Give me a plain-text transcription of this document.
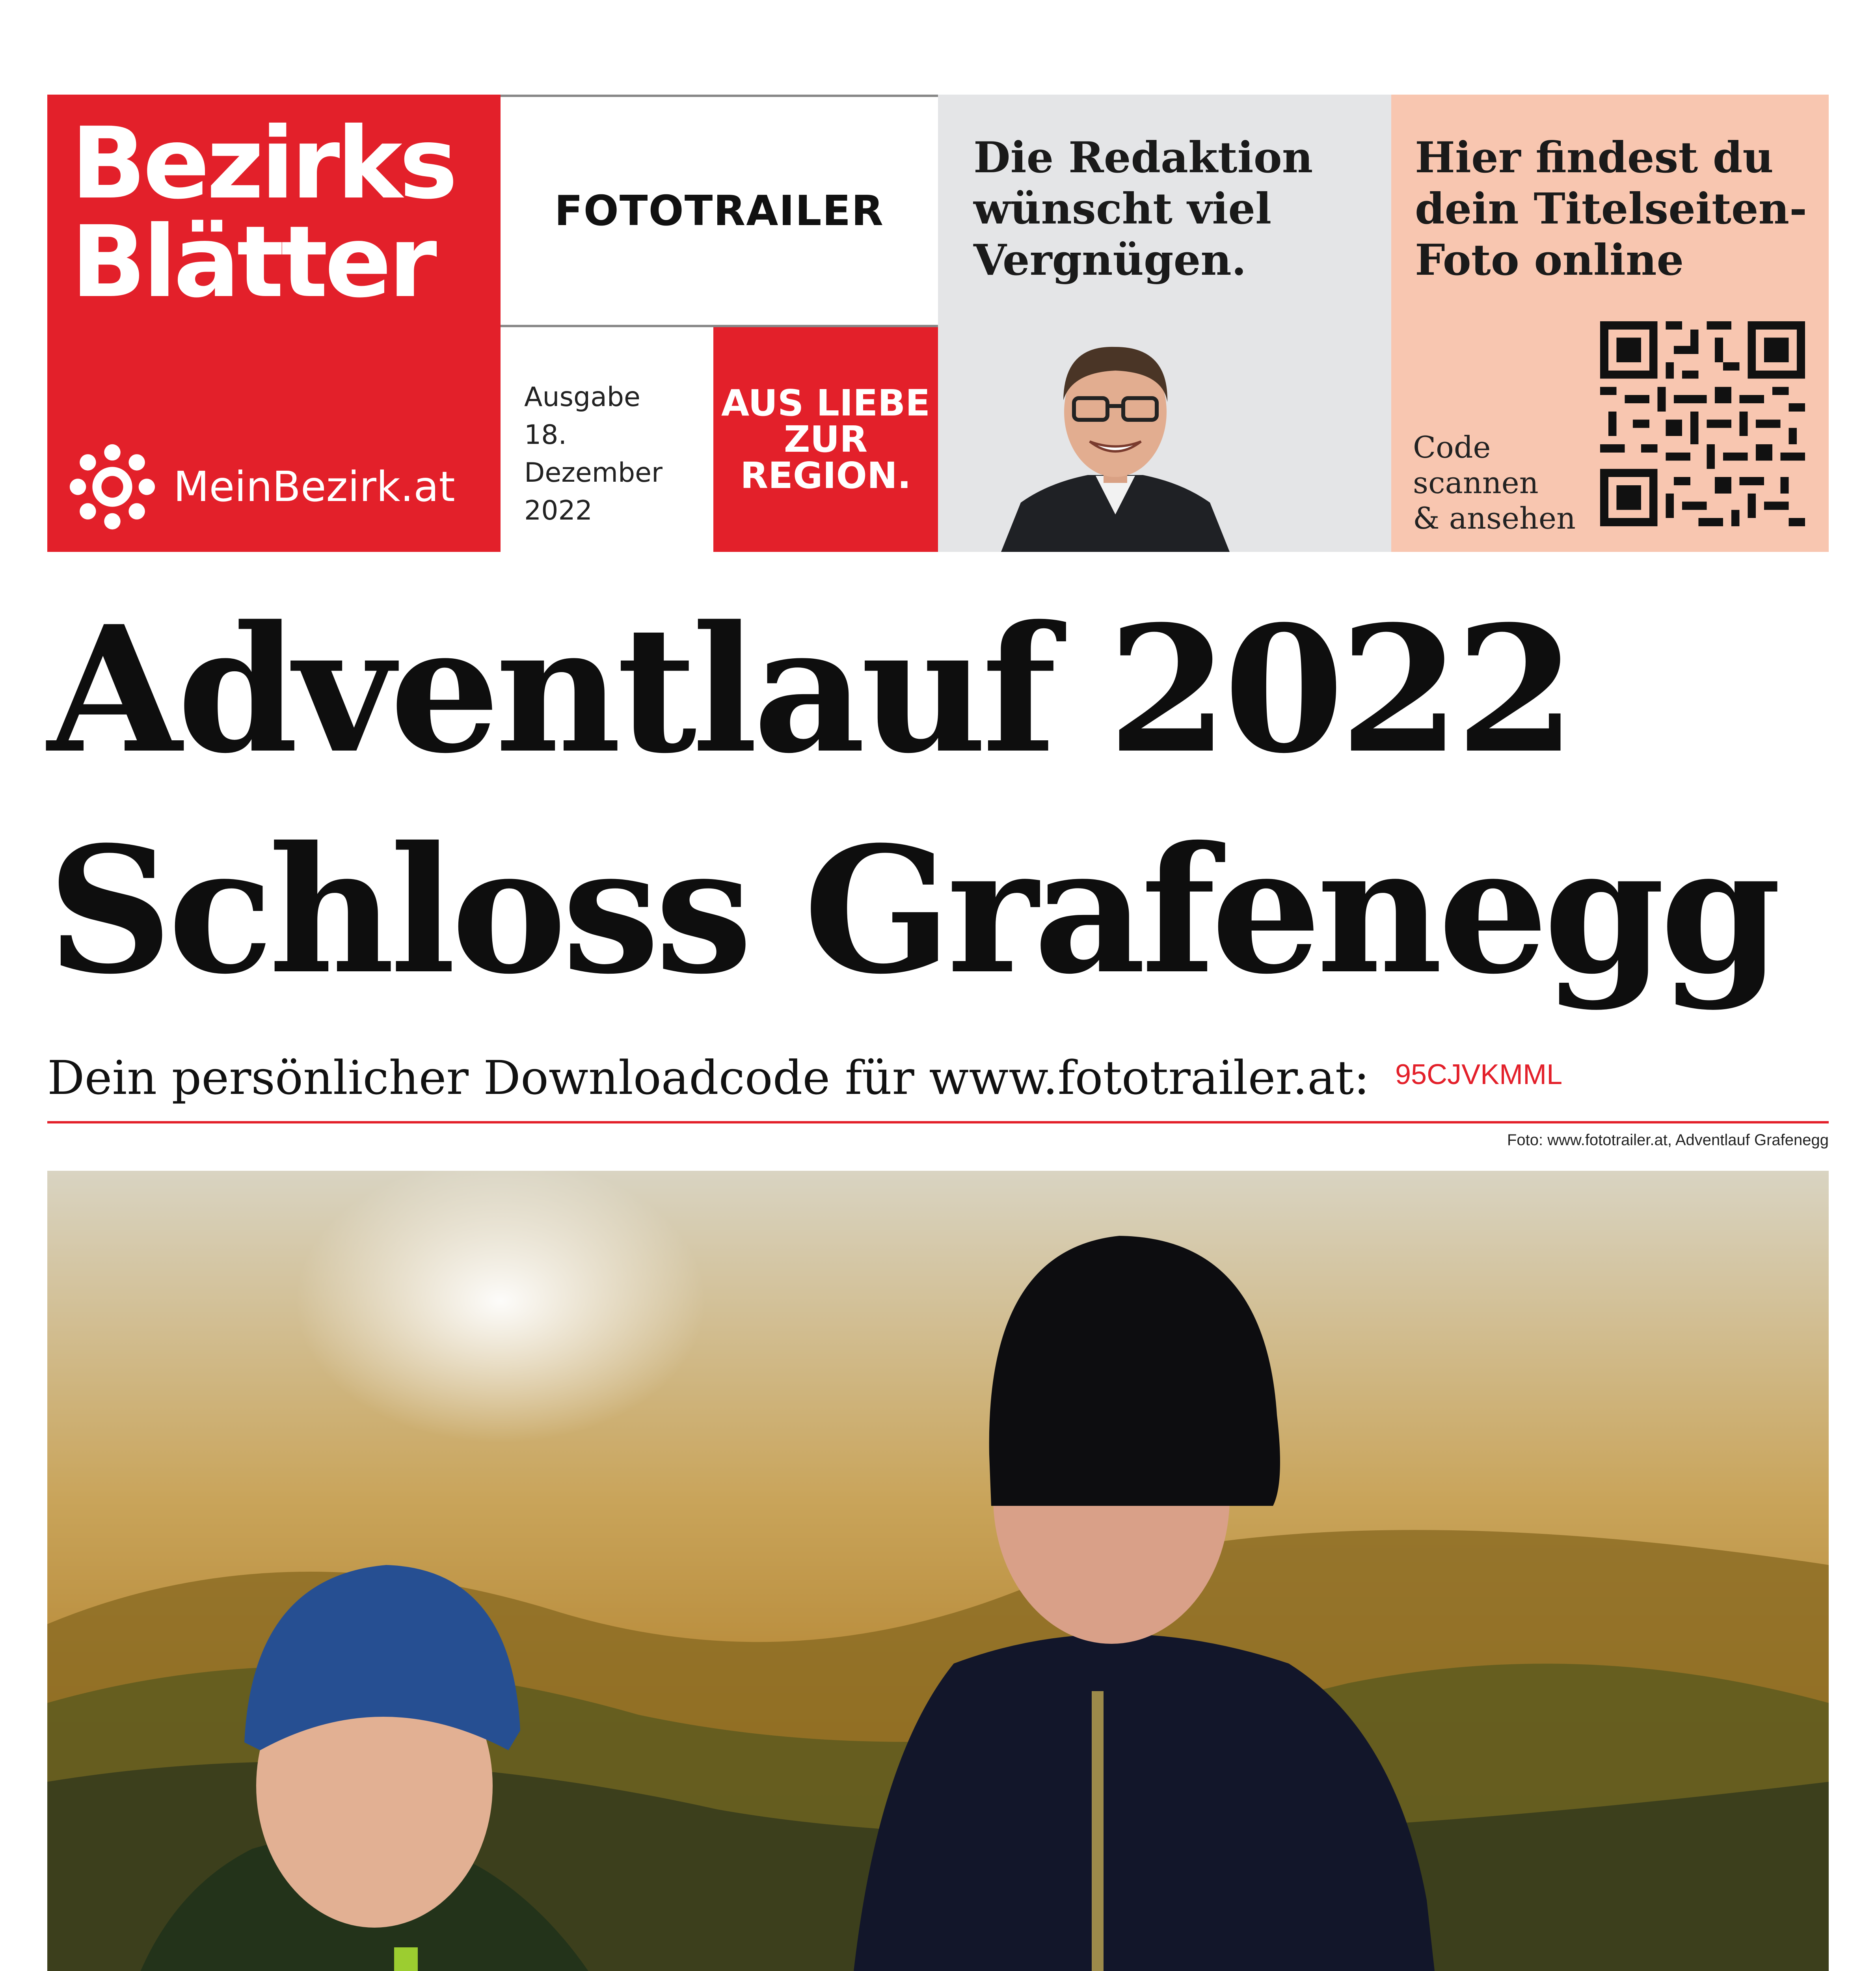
Bezirks
Blätter
MeinBezirk.at
FOTOTRAILER
Ausgabe
18. Dezember
2022
AUS LIEBE
ZUR
REGION.
Die Redaktion
wünscht viel
Vergnügen.
Hier findest du
dein Titelseiten-
Foto online
Code
scannen
& ansehen
Adventlauf 2022
Schloss Grafenegg
Dein persönlicher Downloadcode für www.fototrailer.at: 95CJVKMML
Foto: www.fototrailer.at, Adventlauf Grafenegg
